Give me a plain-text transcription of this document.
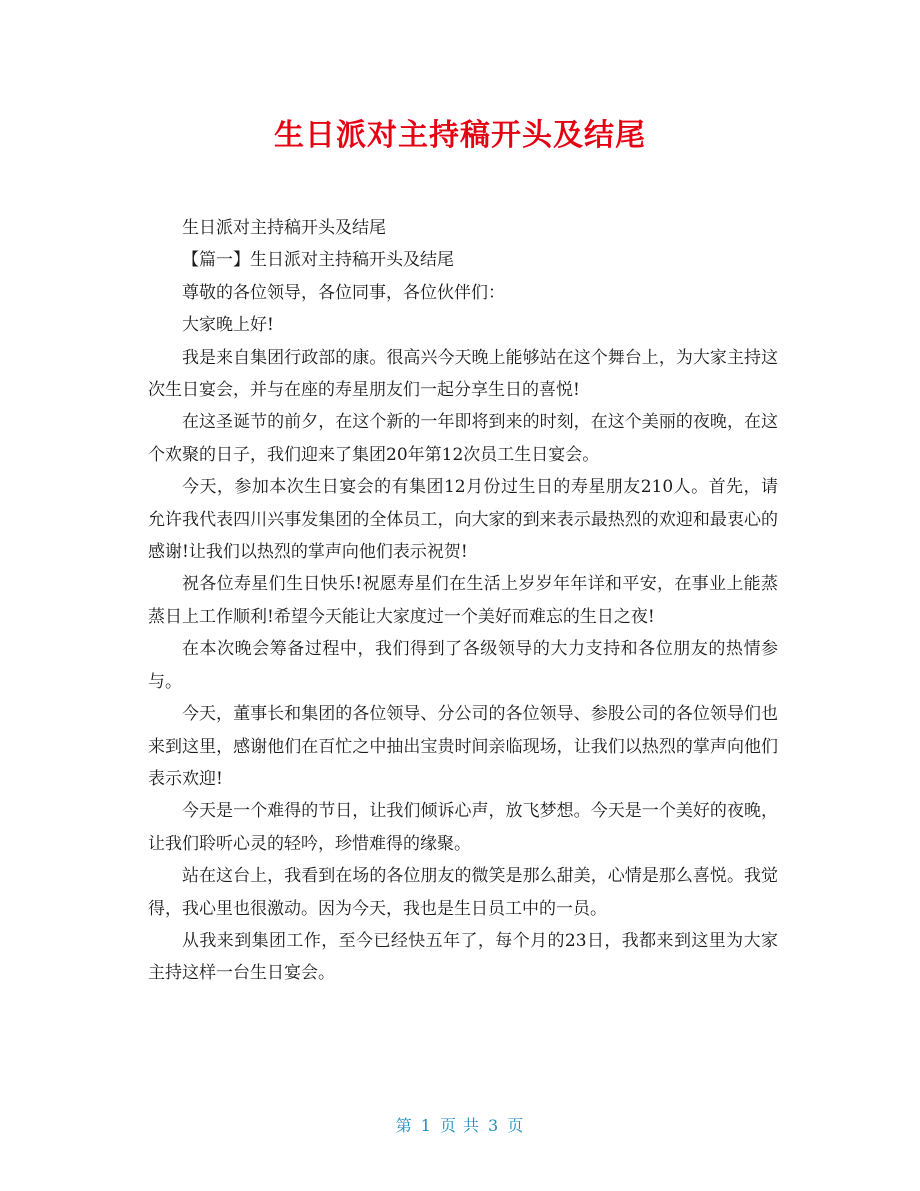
生日派对主持稿开头及结尾

生日派对主持稿开头及结尾

【篇一】生日派对主持稿开头及结尾

尊敬的各位领导，各位同事，各位伙伴们：

大家晚上好!

我是来自集团行政部的康。很高兴今天晚上能够站在这个舞台上，为大家主持这次生日宴会，并与在座的寿星朋友们一起分享生日的喜悦!

在这圣诞节的前夕，在这个新的一年即将到来的时刻，在这个美丽的夜晚，在这个欢聚的日子，我们迎来了集团20年第12次员工生日宴会。

今天，参加本次生日宴会的有集团12月份过生日的寿星朋友210人。首先，请允许我代表四川兴事发集团的全体员工，向大家的到来表示最热烈的欢迎和最衷心的感谢!让我们以热烈的掌声向他们表示祝贺!

祝各位寿星们生日快乐!祝愿寿星们在生活上岁岁年年详和平安，在事业上能蒸蒸日上工作顺利!希望今天能让大家度过一个美好而难忘的生日之夜!

在本次晚会筹备过程中，我们得到了各级领导的大力支持和各位朋友的热情参与。

今天，董事长和集团的各位领导、分公司的各位领导、参股公司的各位领导们也来到这里，感谢他们在百忙之中抽出宝贵时间亲临现场，让我们以热烈的掌声向他们表示欢迎!

今天是一个难得的节日，让我们倾诉心声，放飞梦想。今天是一个美好的夜晚，让我们聆听心灵的轻吟，珍惜难得的缘聚。

站在这台上，我看到在场的各位朋友的微笑是那么甜美，心情是那么喜悦。我觉得，我心里也很激动。因为今天，我也是生日员工中的一员。

从我来到集团工作，至今已经快五年了，每个月的23日，我都来到这里为大家主持这样一台生日宴会。

第 1 页 共 3 页
